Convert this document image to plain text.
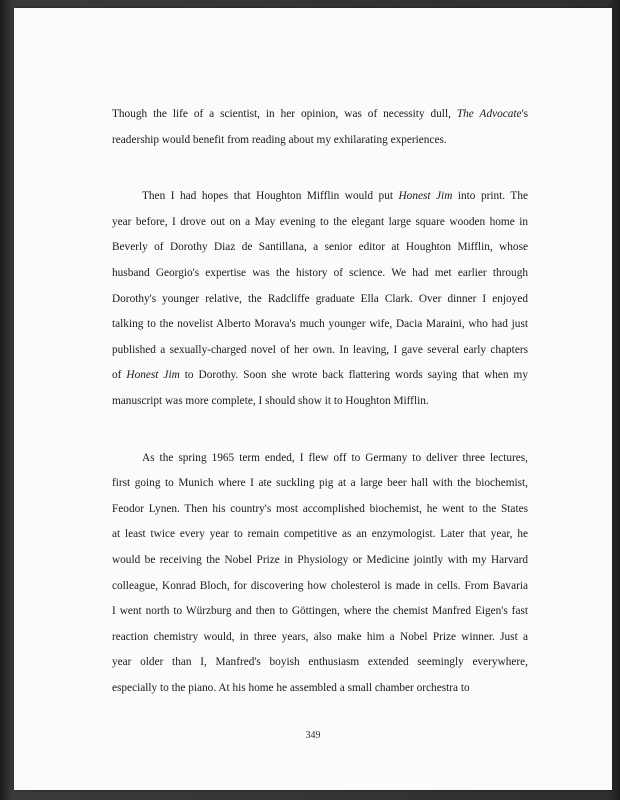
Though the life of a scientist, in her opinion, was of necessity dull, The Advocate's
readership would benefit from reading about my exhilarating experiences.
Then I had hopes that Houghton Mifflin would put Honest Jim into print. The
year before, I drove out on a May evening to the elegant large square wooden home in
Beverly of Dorothy Diaz de Santillana, a senior editor at Houghton Mifflin, whose
husband Georgio's expertise was the history of science. We had met earlier through
Dorothy's younger relative, the Radcliffe graduate Ella Clark. Over dinner I enjoyed
talking to the novelist Alberto Morava's much younger wife, Dacia Maraini, who had just
published a sexually-charged novel of her own. In leaving, I gave several early chapters
of Honest Jim to Dorothy. Soon she wrote back flattering words saying that when my
manuscript was more complete, I should show it to Houghton Mifflin.
As the spring 1965 term ended, I flew off to Germany to deliver three lectures,
first going to Munich where I ate suckling pig at a large beer hall with the biochemist,
Feodor Lynen. Then his country's most accomplished biochemist, he went to the States
at least twice every year to remain competitive as an enzymologist. Later that year, he
would be receiving the Nobel Prize in Physiology or Medicine jointly with my Harvard
colleague, Konrad Bloch, for discovering how cholesterol is made in cells. From Bavaria
I went north to Würzburg and then to Göttingen, where the chemist Manfred Eigen's fast
reaction chemistry would, in three years, also make him a Nobel Prize winner. Just a
year older than I, Manfred's boyish enthusiasm extended seemingly everywhere,
especially to the piano. At his home he assembled a small chamber orchestra to
349
